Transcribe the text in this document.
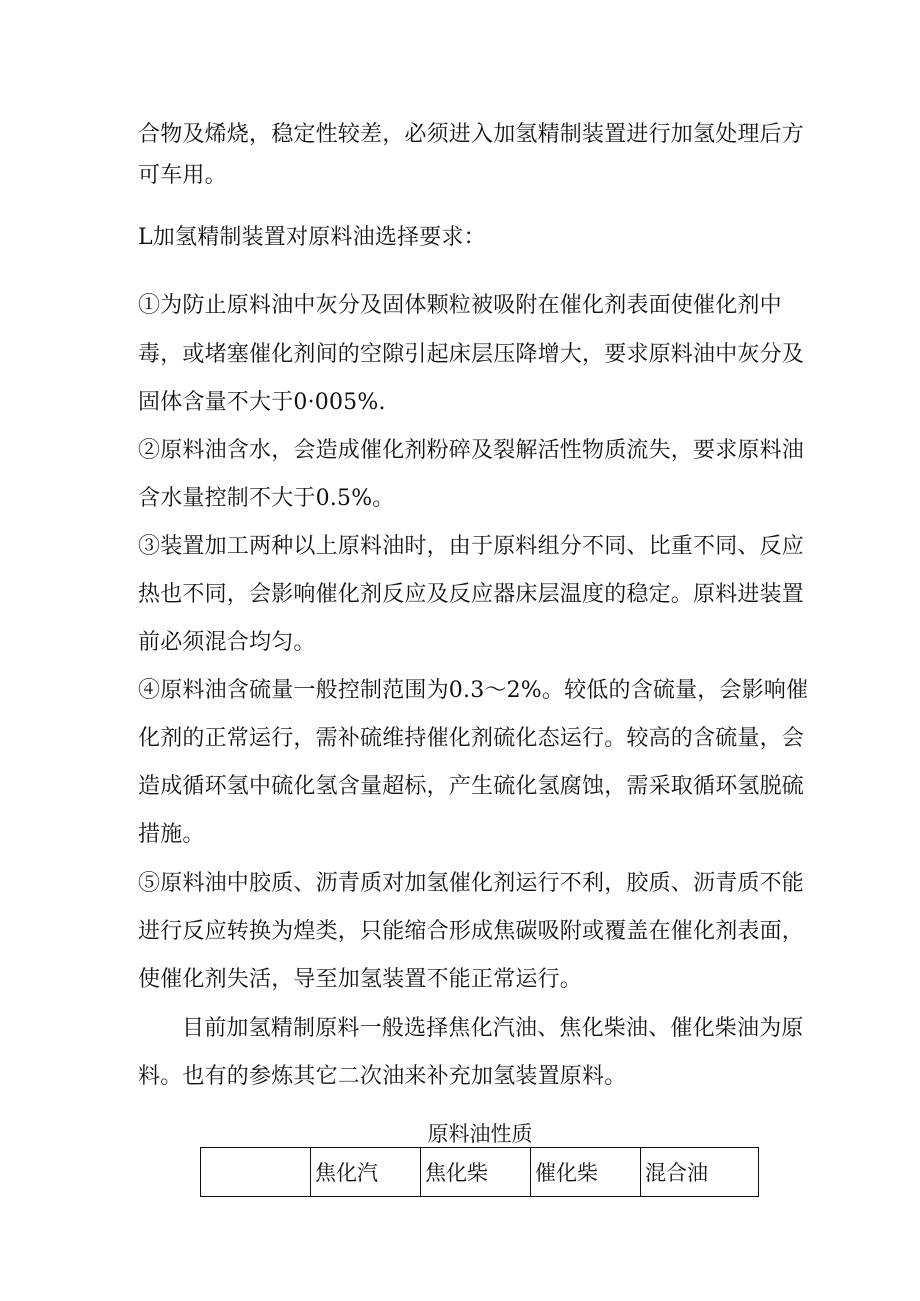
合物及烯烧，稳定性较差，必须进入加氢精制装置进行加氢处理后方
可车用。
L加氢精制装置对原料油选择要求：
①为防止原料油中灰分及固体颗粒被吸附在催化剂表面使催化剂中
毒，或堵塞催化剂间的空隙引起床层压降增大，要求原料油中灰分及
固体含量不大于0·005%.
②原料油含水，会造成催化剂粉碎及裂解活性物质流失，要求原料油
含水量控制不大于0.5%。
③装置加工两种以上原料油时，由于原料组分不同、比重不同、反应
热也不同，会影响催化剂反应及反应器床层温度的稳定。原料进装置
前必须混合均匀。
④原料油含硫量一般控制范围为0.3～2%。较低的含硫量，会影响催
化剂的正常运行，需补硫维持催化剂硫化态运行。较高的含硫量，会
造成循环氢中硫化氢含量超标，产生硫化氢腐蚀，需采取循环氢脱硫
措施。
⑤原料油中胶质、沥青质对加氢催化剂运行不利，胶质、沥青质不能
进行反应转换为煌类，只能缩合形成焦碳吸附或覆盖在催化剂表面，
使催化剂失活，导至加氢装置不能正常运行。
目前加氢精制原料一般选择焦化汽油、焦化柴油、催化柴油为原
料。也有的参炼其它二次油来补充加氢装置原料。
原料油性质
	焦化汽	焦化柴	催化柴	混合油
